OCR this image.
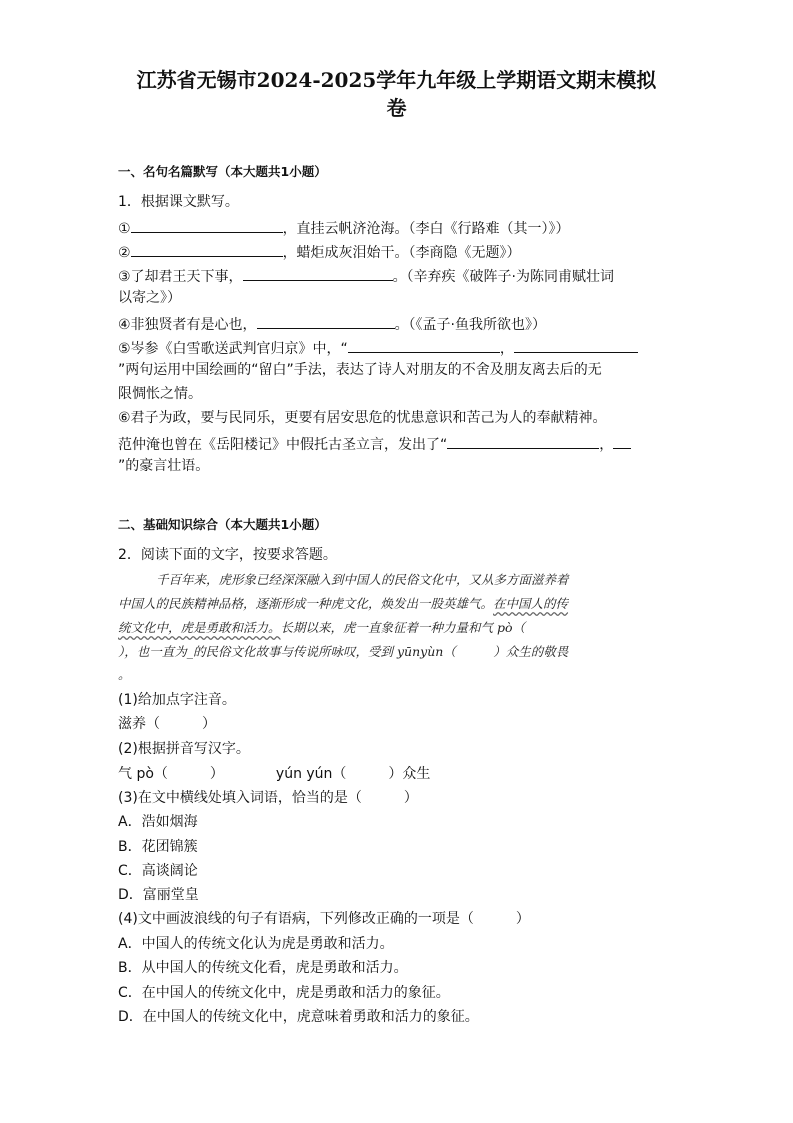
江苏省无锡市2024-2025学年九年级上学期语文期末模拟
卷
一、名句名篇默写（本大题共1小题）
1．根据课文默写。
①	，直挂云帆济沧海。（李白《行路难（其一）》）
②	，蜡炬成灰泪始干。（李商隐《无题》）
③了却君王天下事，	。（辛弃疾《破阵子·为陈同甫赋壮词
以寄之》）
④非独贤者有是心也，	。（《孟子·鱼我所欲也》）
⑤岑参《白雪歌送武判官归京》中，“	，
”两句运用中国绘画的“留白”手法，表达了诗人对朋友的不舍及朋友离去后的无
限惆怅之情。
⑥君子为政，要与民同乐，更要有居安思危的忧患意识和苦己为人的奉献精神。
范仲淹也曾在《岳阳楼记》中假托古圣立言，发出了“	，
”的豪言壮语。
二、基础知识综合（本大题共1小题）
2．阅读下面的文字，按要求答题。
千百年来，虎形象已经深深融入到中国人的民俗文化中，又从多方面滋养着
中国人的民族精神品格，逐渐形成一种虎文化，焕发出一股英雄气。在中国人的传
统文化中，虎是勇敢和活力。长期以来，虎一直象征着一种力量和气 pò（
），也一直为_的民俗文化故事与传说所咏叹，受到 yūnyùn（　　　）众生的敬畏
。
(1)给加点字注音。
滋养（　　　）
(2)根据拼音写汉字。
气 pò（　　　）	yún yún（　　　）众生
(3)在文中横线处填入词语，恰当的是（　　　）
A．浩如烟海
B．花团锦簇
C．高谈阔论
D．富丽堂皇
(4)文中画波浪线的句子有语病，下列修改正确的一项是（　　　）
A．中国人的传统文化认为虎是勇敢和活力。
B．从中国人的传统文化看，虎是勇敢和活力。
C．在中国人的传统文化中，虎是勇敢和活力的象征。
D．在中国人的传统文化中，虎意味着勇敢和活力的象征。
